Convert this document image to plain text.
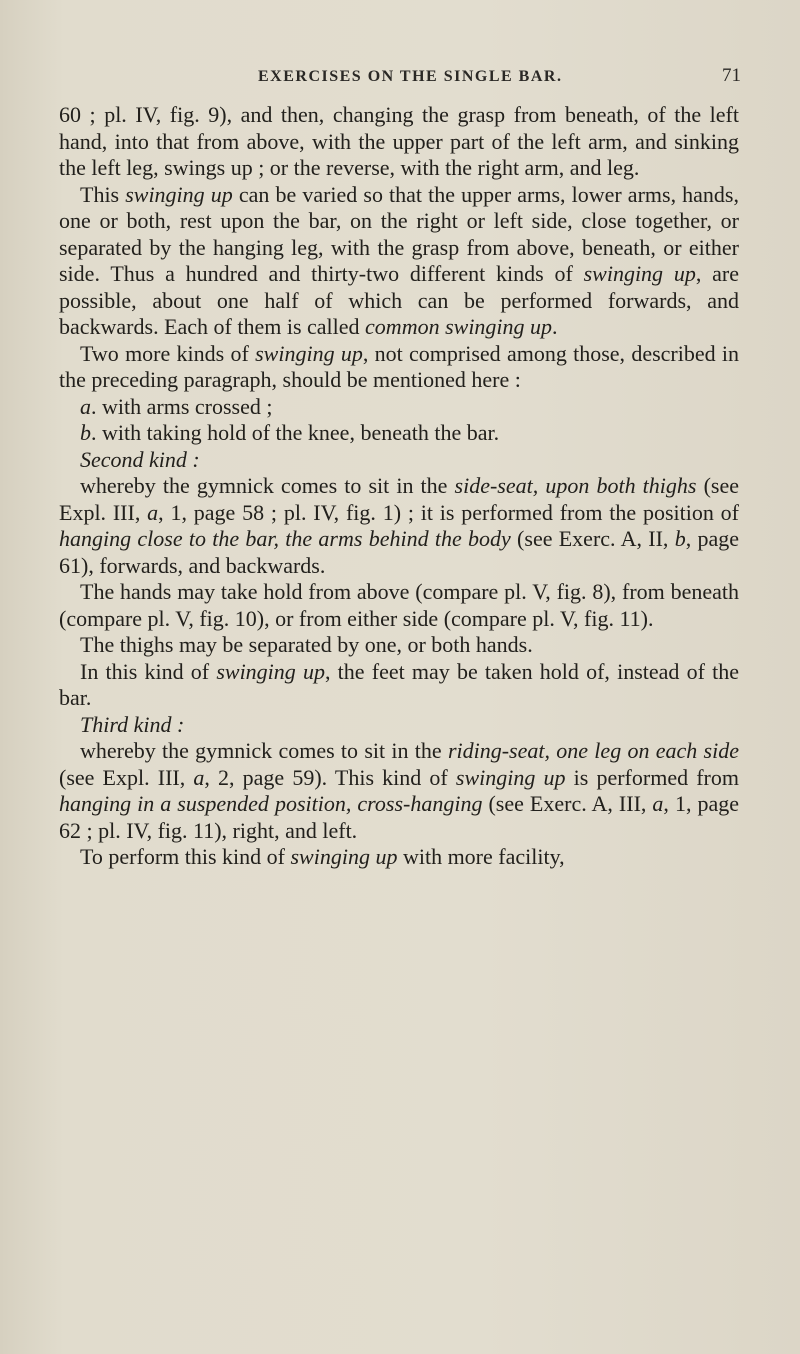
EXERCISES ON THE SINGLE BAR.	71

60 ; pl. IV, fig. 9), and then, changing the grasp from beneath, of the left hand, into that from above, with the upper part of the left arm, and sinking the left leg, swings up ; or the reverse, with the right arm, and leg.

This swinging up can be varied so that the upper arms, lower arms, hands, one or both, rest upon the bar, on the right or left side, close together, or separated by the hanging leg, with the grasp from above, beneath, or either side. Thus a hundred and thirty-two different kinds of swinging up, are possible, about one half of which can be performed forwards, and backwards. Each of them is called common swinging up.

Two more kinds of swinging up, not comprised among those, described in the preceding paragraph, should be mentioned here :

a. with arms crossed ;

b. with taking hold of the knee, beneath the bar.

Second kind :

whereby the gymnick comes to sit in the side-seat, upon both thighs (see Expl. III, a, 1, page 58 ; pl. IV, fig. 1) ; it is performed from the position of hanging close to the bar, the arms behind the body (see Exerc. A, II, b, page 61), forwards, and backwards.

The hands may take hold from above (compare pl. V, fig. 8), from beneath (compare pl. V, fig. 10), or from either side (compare pl. V, fig. 11).

The thighs may be separated by one, or both hands.

In this kind of swinging up, the feet may be taken hold of, instead of the bar.

Third kind :

whereby the gymnick comes to sit in the riding-seat, one leg on each side (see Expl. III, a, 2, page 59). This kind of swinging up is performed from hanging in a suspended position, cross-hanging (see Exerc. A, III, a, 1, page 62 ; pl. IV, fig. 11), right, and left.

To perform this kind of swinging up with more facility,
